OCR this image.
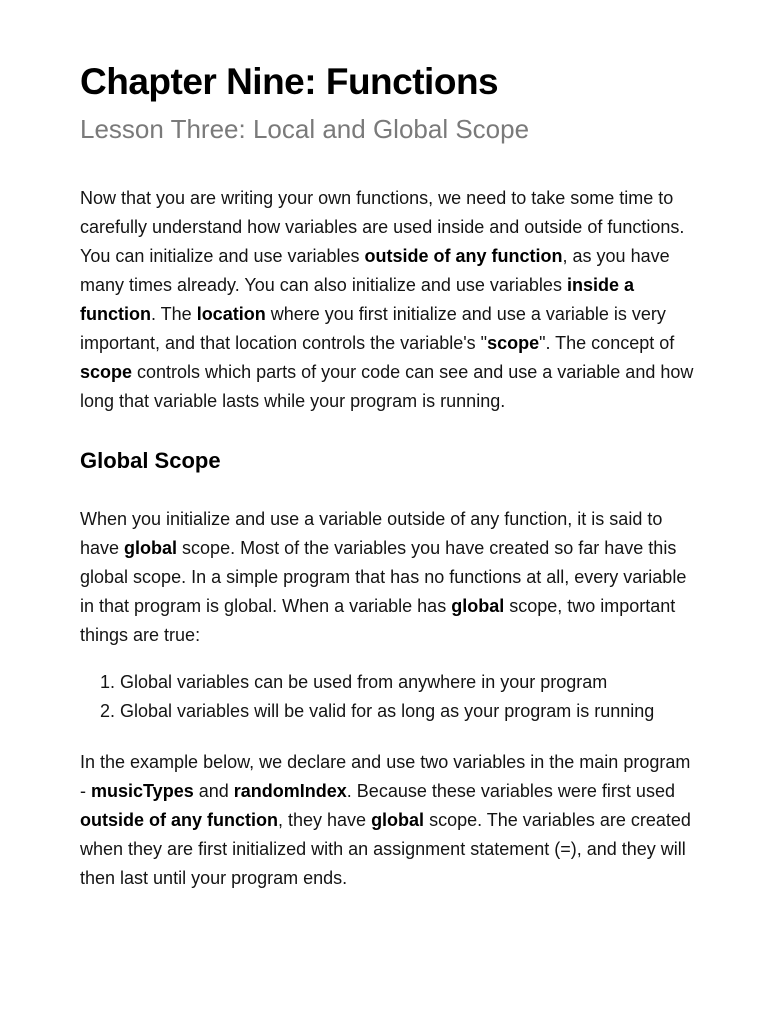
Chapter Nine: Functions
Lesson Three: Local and Global Scope

Now that you are writing your own functions, we need to take some time to carefully understand how variables are used inside and outside of functions. You can initialize and use variables outside of any function, as you have many times already. You can also initialize and use variables inside a function. The location where you first initialize and use a variable is very important, and that location controls the variable's "scope". The concept of scope controls which parts of your code can see and use a variable and how long that variable lasts while your program is running.

Global Scope

When you initialize and use a variable outside of any function, it is said to have global scope. Most of the variables you have created so far have this global scope. In a simple program that has no functions at all, every variable in that program is global. When a variable has global scope, two important things are true:

1. Global variables can be used from anywhere in your program
2. Global variables will be valid for as long as your program is running

In the example below, we declare and use two variables in the main program - musicTypes and randomIndex. Because these variables were first used outside of any function, they have global scope. The variables are created when they are first initialized with an assignment statement (=), and they will then last until your program ends.
